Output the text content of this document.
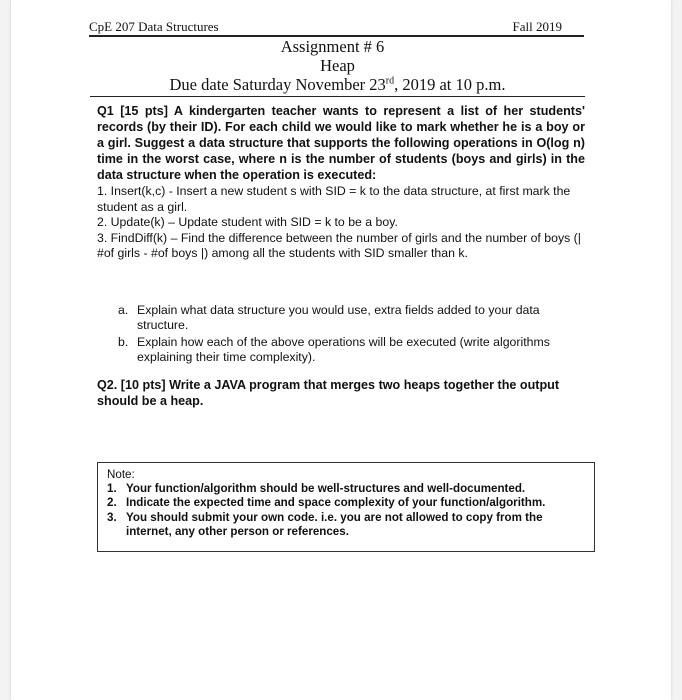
CpE 207 Data Structures	Fall 2019
Assignment # 6
Heap
Due date Saturday November 23rd, 2019 at 10 p.m.
Q1 [15 pts] A kindergarten teacher wants to represent a list of her students' records (by their ID). For each child we would like to mark whether he is a boy or a girl. Suggest a data structure that supports the following operations in O(log n) time in the worst case, where n is the number of students (boys and girls) in the data structure when the operation is executed:
1. Insert(k,c) - Insert a new student s with SID = k to the data structure, at first mark the student as a girl.
2. Update(k) – Update student with SID = k to be a boy.
3. FindDiff(k) – Find the difference between the number of girls and the number of boys (| #of girls - #of boys |) among all the students with SID smaller than k.
a. Explain what data structure you would use, extra fields added to your data structure.
b. Explain how each of the above operations will be executed (write algorithms explaining their time complexity).
Q2. [10 pts] Write a JAVA program that merges two heaps together the output should be a heap.
Note:
1. Your function/algorithm should be well-structures and well-documented.
2. Indicate the expected time and space complexity of your function/algorithm.
3. You should submit your own code. i.e. you are not allowed to copy from the internet, any other person or references.
